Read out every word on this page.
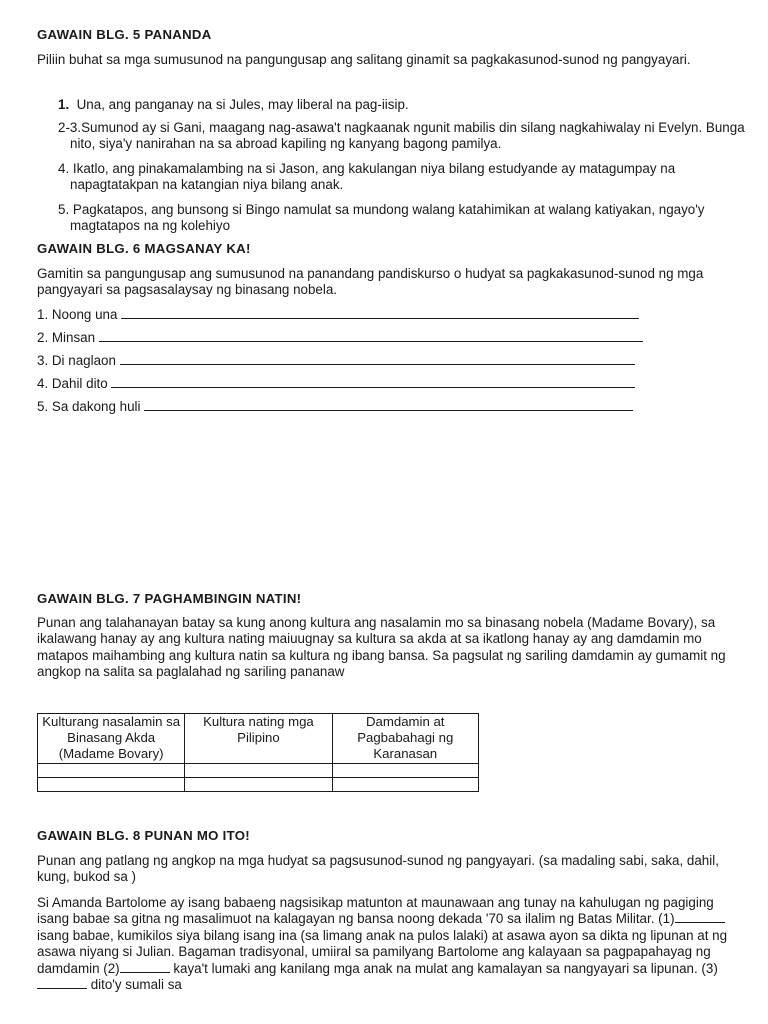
GAWAIN BLG. 5 PANANDA
Piliin buhat sa mga sumusunod na pangungusap ang salitang ginamit sa pagkakasunod-sunod ng pangyayari.
1. Una, ang panganay na si Jules, may liberal na pag-iisip.
2-3.Sumunod ay si Gani, maagang nag-asawa't nagkaanak ngunit mabilis din silang nagkahiwalay ni Evelyn. Bunga nito, siya'y nanirahan na sa abroad kapiling ng kanyang bagong pamilya.
4. Ikatlo, ang pinakamalambing na si Jason, ang kakulangan niya bilang estudyande ay matagumpay na napagtatakpan na katangian niya bilang anak.
5. Pagkatapos, ang bunsong si Bingo namulat sa mundong walang katahimikan at walang katiyakan, ngayo'y magtatapos na ng kolehiyo
GAWAIN BLG. 6 MAGSANAY KA!
Gamitin sa pangungusap ang sumusunod na panandang pandiskurso o hudyat sa pagkakasunod-sunod ng mga pangyayari sa pagsasalaysay ng binasang nobela.
1. Noong una
2. Minsan
3. Di naglaon
4. Dahil dito
5. Sa dakong huli
GAWAIN BLG. 7 PAGHAMBINGIN NATIN!
Punan ang talahanayan batay sa kung anong kultura ang nasalamin mo sa binasang nobela (Madame Bovary), sa ikalawang hanay ay ang kultura nating maiuugnay sa kultura sa akda at sa ikatlong hanay ay ang damdamin mo matapos maihambing ang kultura natin sa kultura ng ibang bansa. Sa pagsulat ng sariling damdamin ay gumamit ng angkop na salita sa paglalahad ng sariling pananaw
Kulturang nasalamin sa Binasang Akda (Madame Bovary)	Kultura nating mga Pilipino	Damdamin at Pagbabahagi ng Karanasan

GAWAIN BLG. 8 PUNAN MO ITO!
Punan ang patlang ng angkop na mga hudyat sa pagsusunod-sunod ng pangyayari. (sa madaling sabi, saka, dahil, kung, bukod sa )
Si Amanda Bartolome ay isang babaeng nagsisikap matunton at maunawaan ang tunay na kahulugan ng pagiging isang babae sa gitna ng masalimuot na kalagayan ng bansa noong dekada '70 sa ilalim ng Batas Militar. (1) isang babae, kumikilos siya bilang isang ina (sa limang anak na pulos lalaki) at asawa ayon sa dikta ng lipunan at ng asawa niyang si Julian. Bagaman tradisyonal, umiiral sa pamilyang Bartolome ang kalayaan sa pagpapahayag ng damdamin (2)	kaya't lumaki ang kanilang mga anak na mulat ang kamalayan sa nangyayari sa lipunan. (3) dito'y sumali sa
